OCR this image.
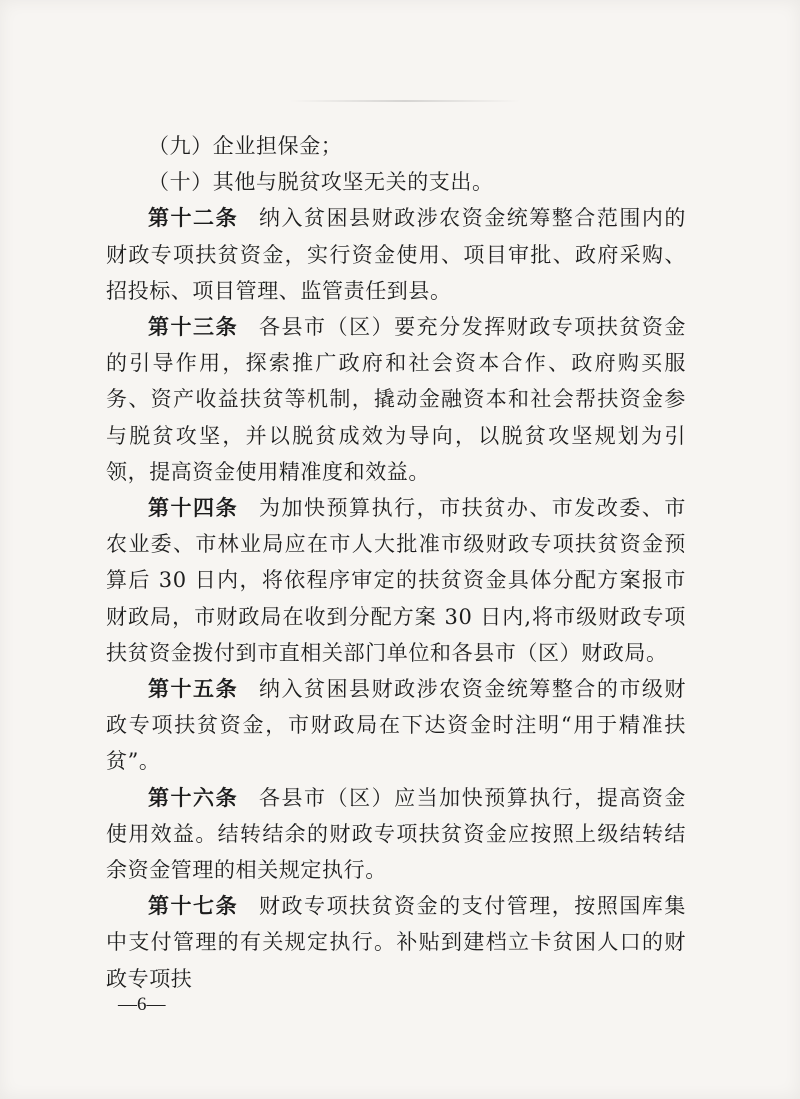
（九）企业担保金；

（十）其他与脱贫攻坚无关的支出。

第十二条 纳入贫困县财政涉农资金统筹整合范围内的财政专项扶贫资金，实行资金使用、项目审批、政府采购、招投标、项目管理、监管责任到县。

第十三条 各县市（区）要充分发挥财政专项扶贫资金的引导作用，探索推广政府和社会资本合作、政府购买服务、资产收益扶贫等机制，撬动金融资本和社会帮扶资金参与脱贫攻坚，并以脱贫成效为导向，以脱贫攻坚规划为引领，提高资金使用精准度和效益。

第十四条 为加快预算执行，市扶贫办、市发改委、市农业委、市林业局应在市人大批准市级财政专项扶贫资金预算后 30 日内，将依程序审定的扶贫资金具体分配方案报市财政局，市财政局在收到分配方案 30 日内,将市级财政专项扶贫资金拨付到市直相关部门单位和各县市（区）财政局。

第十五条 纳入贫困县财政涉农资金统筹整合的市级财政专项扶贫资金，市财政局在下达资金时注明“用于精准扶贫”。

第十六条 各县市（区）应当加快预算执行，提高资金使用效益。结转结余的财政专项扶贫资金应按照上级结转结余资金管理的相关规定执行。

第十七条 财政专项扶贫资金的支付管理，按照国库集中支付管理的有关规定执行。补贴到建档立卡贫困人口的财政专项扶

—6—
